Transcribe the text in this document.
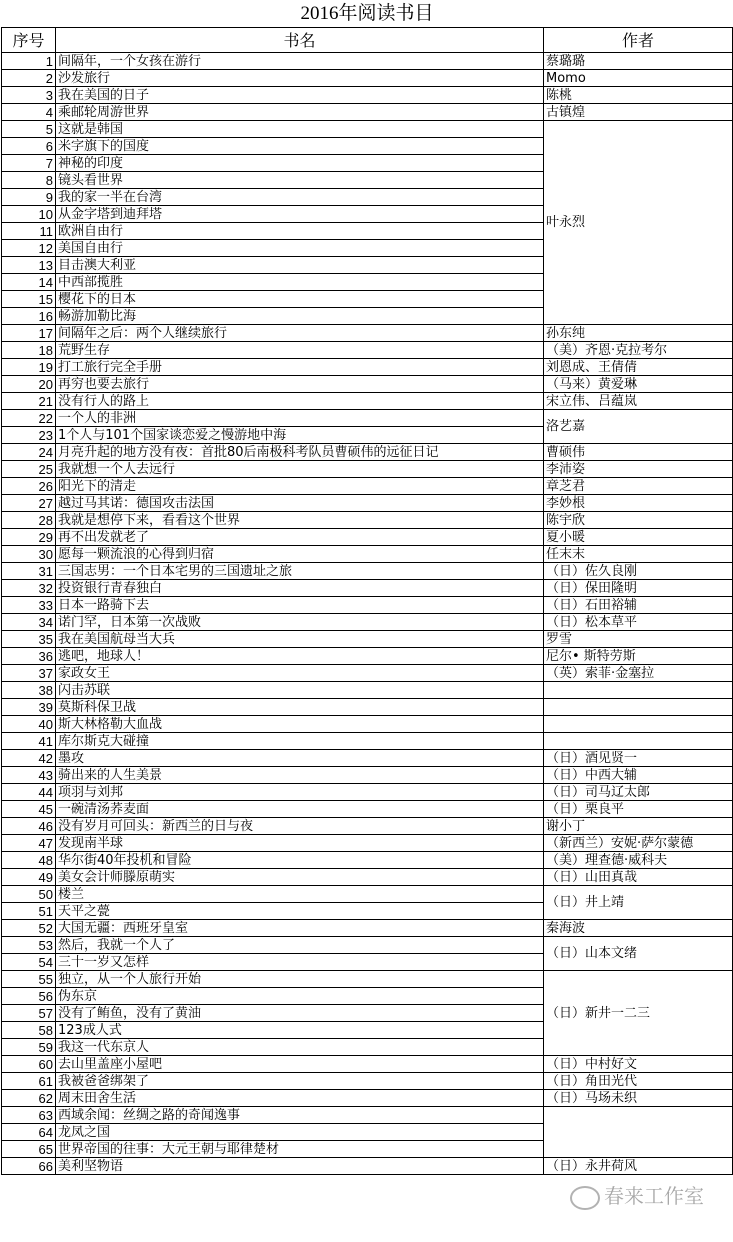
2016年阅读书目		
序号	书名	作者
1	间隔年，一个女孩在游行	蔡璐璐
2	沙发旅行	Momo
3	我在美国的日子	陈桃
4	乘邮轮周游世界	古镇煌
5	这就是韩国	叶永烈
6	米字旗下的国度	
7	神秘的印度	
8	镜头看世界	
9	我的家一半在台湾	
10	从金字塔到迪拜塔	
11	欧洲自由行	
12	美国自由行	
13	目击澳大利亚	
14	中西部揽胜	
15	樱花下的日本	
16	畅游加勒比海	
17	间隔年之后：两个人继续旅行	孙东纯
18	荒野生存	（美）齐恩·克拉考尔
19	打工旅行完全手册	刘恩成、王倩倩
20	再穷也要去旅行	（马来）黄爱琳
21	没有行人的路上	宋立伟、吕蕴岚
22	一个人的非洲	洛艺嘉
23	1个人与101个国家谈恋爱之慢游地中海	
24	月亮升起的地方没有夜：首批80后南极科考队员曹硕伟的远征日记	曹硕伟
25	我就想一个人去远行	李沛姿
26	阳光下的清走	章芝君
27	越过马其诺：德国攻击法国	李妙根
28	我就是想停下来，看看这个世界	陈宇欣
29	再不出发就老了	夏小暖
30	愿每一颗流浪的心得到归宿	任末末
31	三国志男：一个日本宅男的三国遗址之旅	（日）佐久良刚
32	投资银行青春独白	（日）保田隆明
33	日本一路骑下去	（日）石田裕辅
34	诺门罕，日本第一次战败	（日）松本草平
35	我在美国航母当大兵	罗雪
36	逃吧，地球人！	尼尔• 斯特劳斯
37	家政女王	（英）索菲·金塞拉
38	闪击苏联	
39	莫斯科保卫战	
40	斯大林格勒大血战	
41	库尔斯克大碰撞	
42	墨攻	（日）酒见贤一
43	骑出来的人生美景	（日）中西大辅
44	项羽与刘邦	（日）司马辽太郎
45	一碗清汤荞麦面	（日）栗良平
46	没有岁月可回头：新西兰的日与夜	谢小丁
47	发现南半球	（新西兰）安妮·萨尔蒙德
48	华尔街40年投机和冒险	（美）理查德·威科夫
49	美女会计师滕原萌实	（日）山田真哉
50	楼兰	（日）井上靖
51	天平之甍	
52	大国无疆：西班牙皇室	秦海波
53	然后，我就一个人了	（日）山本文绪
54	三十一岁又怎样	
55	独立，从一个人旅行开始	（日）新井一二三
56	伪东京	
57	没有了鲔鱼，没有了黄油	
58	123成人式	
59	我这一代东京人	
60	去山里盖座小屋吧	（日）中村好文
61	我被爸爸绑架了	（日）角田光代
62	周末田舍生活	（日）马场未织
63	西域余闻：丝绸之路的奇闻逸事	
64	龙凤之国	
65	世界帝国的往事：大元王朝与耶律楚材	
66	美利坚物语	（日）永井荷风
春来工作室
